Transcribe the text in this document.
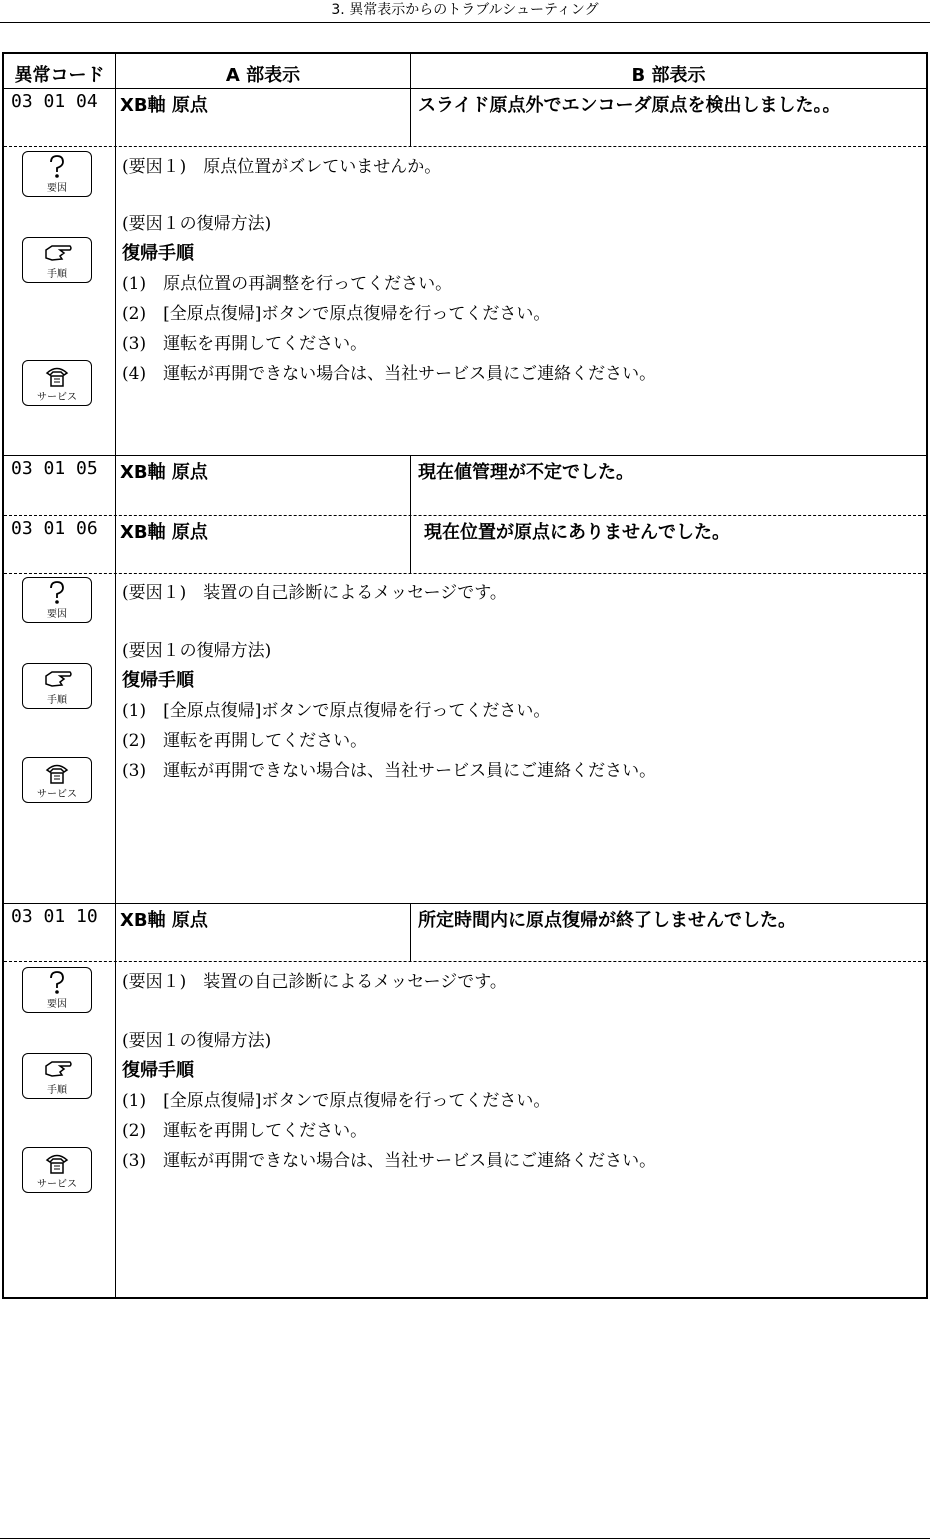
3. 異常表示からのトラブルシューティング
異常コード	A 部表示	B 部表示
03 01 04 XB軸 原点	スライド原点外でエンコーダ原点を検出しました。。
要因
手順
サービス
(要因１)　原点位置がズレていませんか。
(要因１の復帰方法)
復帰手順
(1)　原点位置の再調整を行ってください。
(2)　[全原点復帰]ボタンで原点復帰を行ってください。
(3)　運転を再開してください。
(4)　運転が再開できない場合は、当社サービス員にご連絡ください。
03 01 05 XB軸 原点	現在値管理が不定でした。
03 01 06 XB軸 原点	現在位置が原点にありませんでした。
要因
手順
サービス
(要因１)　装置の自己診断によるメッセージです。
(要因１の復帰方法)
復帰手順
(1)　[全原点復帰]ボタンで原点復帰を行ってください。
(2)　運転を再開してください。
(3)　運転が再開できない場合は、当社サービス員にご連絡ください。
03 01 10 XB軸 原点	所定時間内に原点復帰が終了しませんでした。
要因
手順
サービス
(要因１)　装置の自己診断によるメッセージです。
(要因１の復帰方法)
復帰手順
(1)　[全原点復帰]ボタンで原点復帰を行ってください。
(2)　運転を再開してください。
(3)　運転が再開できない場合は、当社サービス員にご連絡ください。
